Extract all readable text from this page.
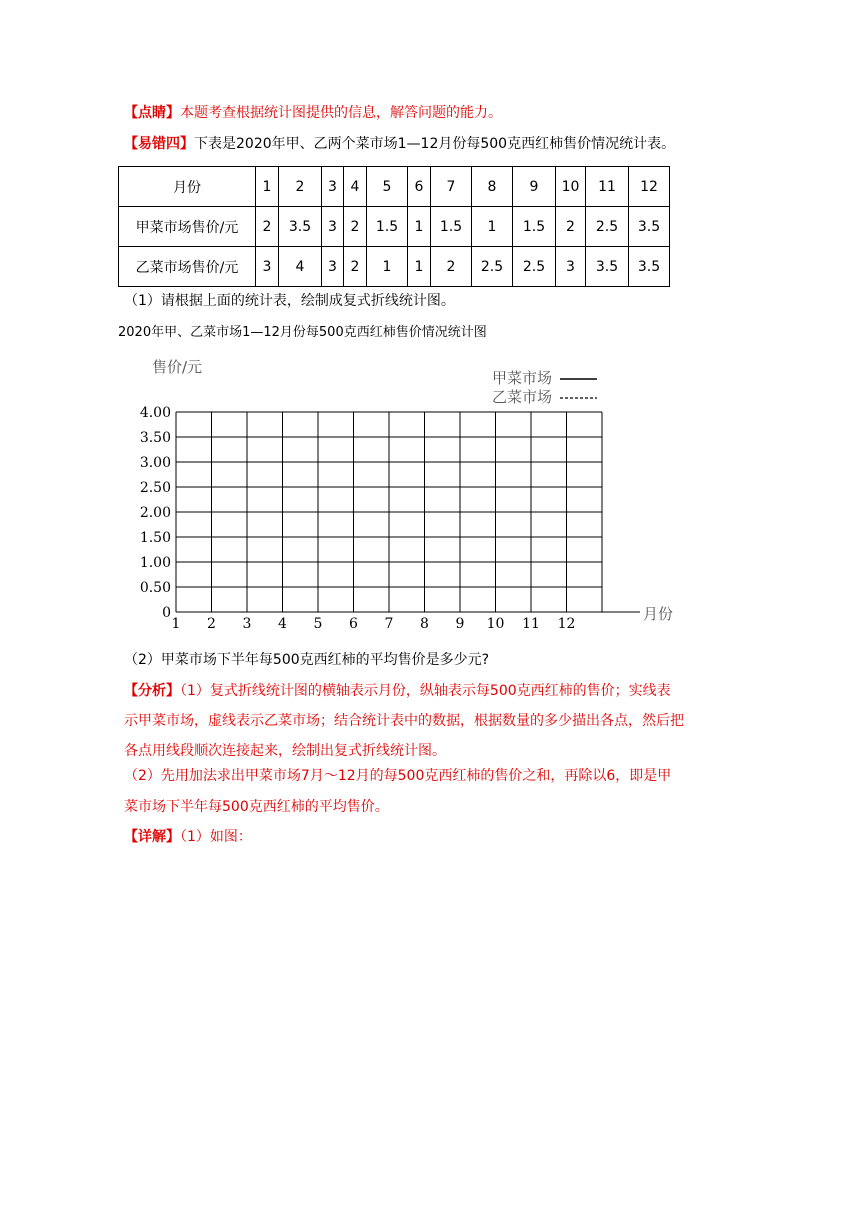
【点睛】本题考查根据统计图提供的信息，解答问题的能力。
【易错四】下表是2020年甲、乙两个菜市场1—12月份每500克西红柿售价情况统计表。
月份	1	2	3	4	5	6	7	8	9	10	11	12
甲菜市场售价/元	2	3.5	3	2	1.5	1	1.5	1	1.5	2	2.5	3.5
乙菜市场售价/元	3	4	3	2	1	1	2	2.5	2.5	3	3.5	3.5
（1）请根据上面的统计表，绘制成复式折线统计图。
2020年甲、乙菜市场1—12月份每500克西红柿售价情况统计图
0
0.50
1.00
1.50
2.00
2.50
3.00
3.50
4.00
1 2 3 4 5 6 7 8 9 10 11 12
售价/元
月份
甲菜市场
乙菜市场
（2）甲菜市场下半年每500克西红柿的平均售价是多少元?
【分析】（1）复式折线统计图的横轴表示月份，纵轴表示每500克西红柿的售价；实线表
示甲菜市场，虚线表示乙菜市场；结合统计表中的数据，根据数量的多少描出各点，然后把
各点用线段顺次连接起来，绘制出复式折线统计图。
（2）先用加法求出甲菜市场7月～12月的每500克西红柿的售价之和，再除以6，即是甲
菜市场下半年每500克西红柿的平均售价。
【详解】（1）如图：
